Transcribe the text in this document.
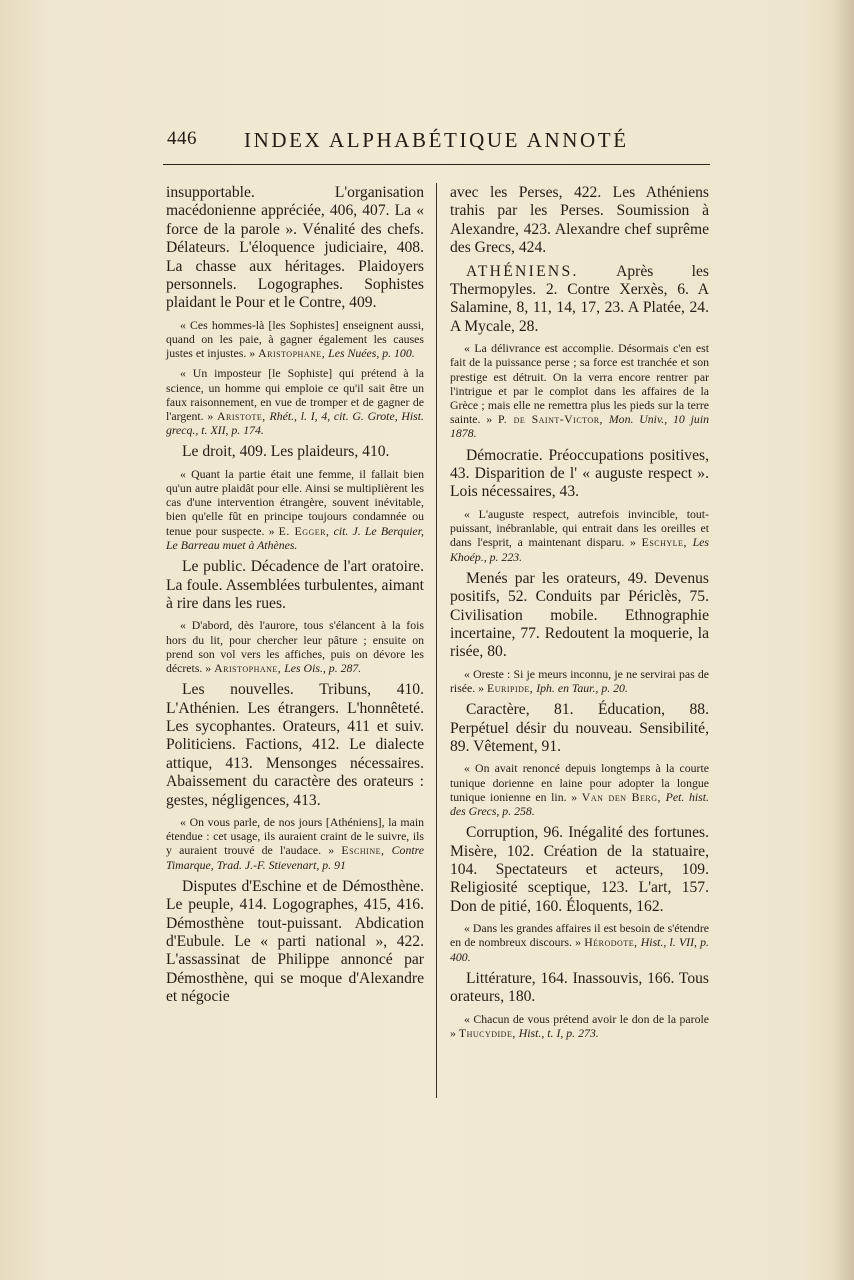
446 INDEX ALPHABÉTIQUE ANNOTÉ

insupportable. L'organisation macédonienne appréciée, 406, 407. La « force de la parole ». Vénalité des chefs. Délateurs. L'éloquence judiciaire, 408. La chasse aux héritages. Plaidoyers personnels. Logographes. Sophistes plaidant le Pour et le Contre, 409.

« Ces hommes-là [les Sophistes] enseignent aussi, quand on les paie, à gagner également les causes justes et injustes. » Aristophane, Les Nuées, p. 100.

« Un imposteur [le Sophiste] qui prétend à la science, un homme qui emploie ce qu'il sait être un faux raisonnement, en vue de tromper et de gagner de l'argent. » Aristote, Rhét., l. I, 4, cit. G. Grote, Hist. grecq., t. XII, p. 174.

Le droit, 409. Les plaideurs, 410.

« Quant la partie était une femme, il fallait bien qu'un autre plaidât pour elle. Ainsi se multiplièrent les cas d'une intervention étrangère, souvent inévitable, bien qu'elle fût en principe toujours condamnée ou tenue pour suspecte. » E. Egger, cit. J. Le Berquier, Le Barreau muet à Athènes.

Le public. Décadence de l'art oratoire. La foule. Assemblées turbulentes, aimant à rire dans les rues.

« D'abord, dès l'aurore, tous s'élancent à la fois hors du lit, pour chercher leur pâture ; ensuite on prend son vol vers les affiches, puis on dévore les décrets. » Aristophane, Les Ois., p. 287.

Les nouvelles. Tribuns, 410. L'Athénien. Les étrangers. L'honnêteté. Les sycophantes. Orateurs, 411 et suiv. Politiciens. Factions, 412. Le dialecte attique, 413. Mensonges nécessaires. Abaissement du caractère des orateurs : gestes, négligences, 413.

« On vous parle, de nos jours [Athéniens], la main étendue : cet usage, ils auraient craint de le suivre, ils y auraient trouvé de l'audace. » Eschine, Contre Timarque, Trad. J.-F. Stievenart, p. 91

Disputes d'Eschine et de Démosthène. Le peuple, 414. Logographes, 415, 416. Démosthène tout-puissant. Abdication d'Eubule. Le « parti national », 422. L'assassinat de Philippe annoncé par Démosthène, qui se moque d'Alexandre et négocie

avec les Perses, 422. Les Athéniens trahis par les Perses. Soumission à Alexandre, 423. Alexandre chef suprême des Grecs, 424.

ATHÉNIENS. Après les Thermopyles. 2. Contre Xerxès, 6. A Salamine, 8, 11, 14, 17, 23. A Platée, 24. A Mycale, 28.

« La délivrance est accomplie. Désormais c'en est fait de la puissance perse ; sa force est tranchée et son prestige est détruit. On la verra encore rentrer par l'intrigue et par le complot dans les affaires de la Grèce ; mais elle ne remettra plus les pieds sur la terre sainte. » P. de Saint-Victor, Mon. Univ., 10 juin 1878.

Démocratie. Préoccupations positives, 43. Disparition de l' « auguste respect ». Lois nécessaires, 43.

« L'auguste respect, autrefois invincible, tout-puissant, inébranlable, qui entrait dans les oreilles et dans l'esprit, a maintenant disparu. » Eschyle, Les Khoép., p. 223.

Menés par les orateurs, 49. Devenus positifs, 52. Conduits par Périclès, 75. Civilisation mobile. Ethnographie incertaine, 77. Redoutent la moquerie, la risée, 80.

« Oreste : Si je meurs inconnu, je ne servirai pas de risée. » Euripide, Iph. en Taur., p. 20.

Caractère, 81. Éducation, 88. Perpétuel désir du nouveau. Sensibilité, 89. Vêtement, 91.

« On avait renoncé depuis longtemps à la courte tunique dorienne en laine pour adopter la longue tunique ionienne en lin. » Van den Berg, Pet. hist. des Grecs, p. 258.

Corruption, 96. Inégalité des fortunes. Misère, 102. Création de la statuaire, 104. Spectateurs et acteurs, 109. Religiosité sceptique, 123. L'art, 157. Don de pitié, 160. Éloquents, 162.

« Dans les grandes affaires il est besoin de s'étendre en de nombreux discours. » Hérodote, Hist., l. VII, p. 400.

Littérature, 164. Inassouvis, 166. Tous orateurs, 180.

« Chacun de vous prétend avoir le don de la parole » Thucydide, Hist., t. I, p. 273.
